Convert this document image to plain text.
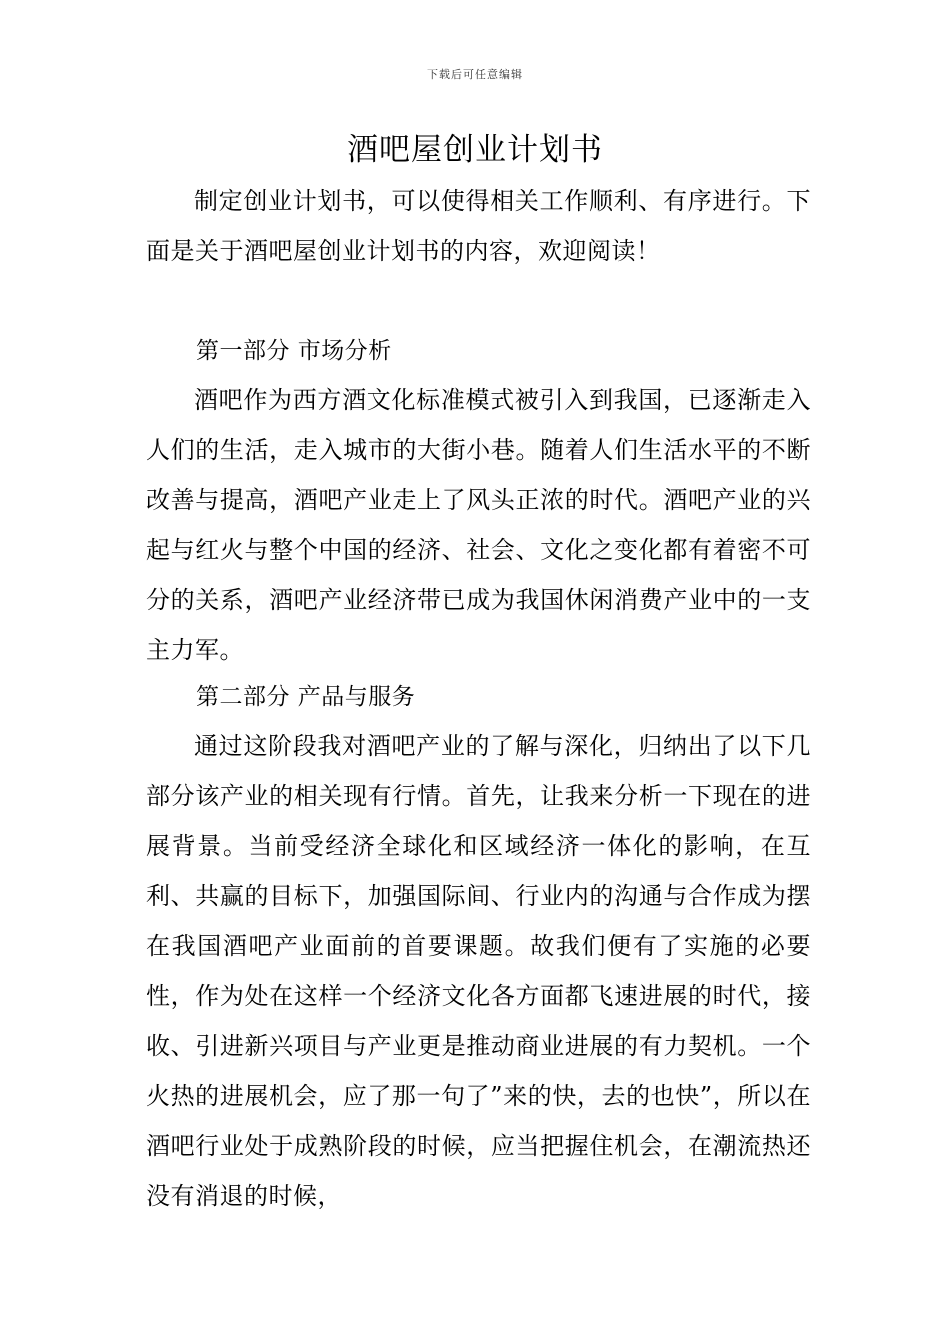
下载后可任意编辑
酒吧屋创业计划书

制定创业计划书，可以使得相关工作顺利、有序进行。下面是关于酒吧屋创业计划书的内容，欢迎阅读！

第一部分 市场分析

酒吧作为西方酒文化标准模式被引入到我国，已逐渐走入人们的生活，走入城市的大街小巷。随着人们生活水平的不断改善与提高，酒吧产业走上了风头正浓的时代。酒吧产业的兴起与红火与整个中国的经济、社会、文化之变化都有着密不可分的关系，酒吧产业经济带已成为我国休闲消费产业中的一支主力军。

第二部分 产品与服务

通过这阶段我对酒吧产业的了解与深化，归纳出了以下几部分该产业的相关现有行情。首先，让我来分析一下现在的进展背景。当前受经济全球化和区域经济一体化的影响，在互利、共赢的目标下，加强国际间、行业内的沟通与合作成为摆在我国酒吧产业面前的首要课题。故我们便有了实施的必要性，作为处在这样一个经济文化各方面都飞速进展的时代，接收、引进新兴项目与产业更是推动商业进展的有力契机。一个火热的进展机会，应了那一句了”来的快，去的也快”，所以在酒吧行业处于成熟阶段的时候，应当把握住机会，在潮流热还没有消退的时候，
